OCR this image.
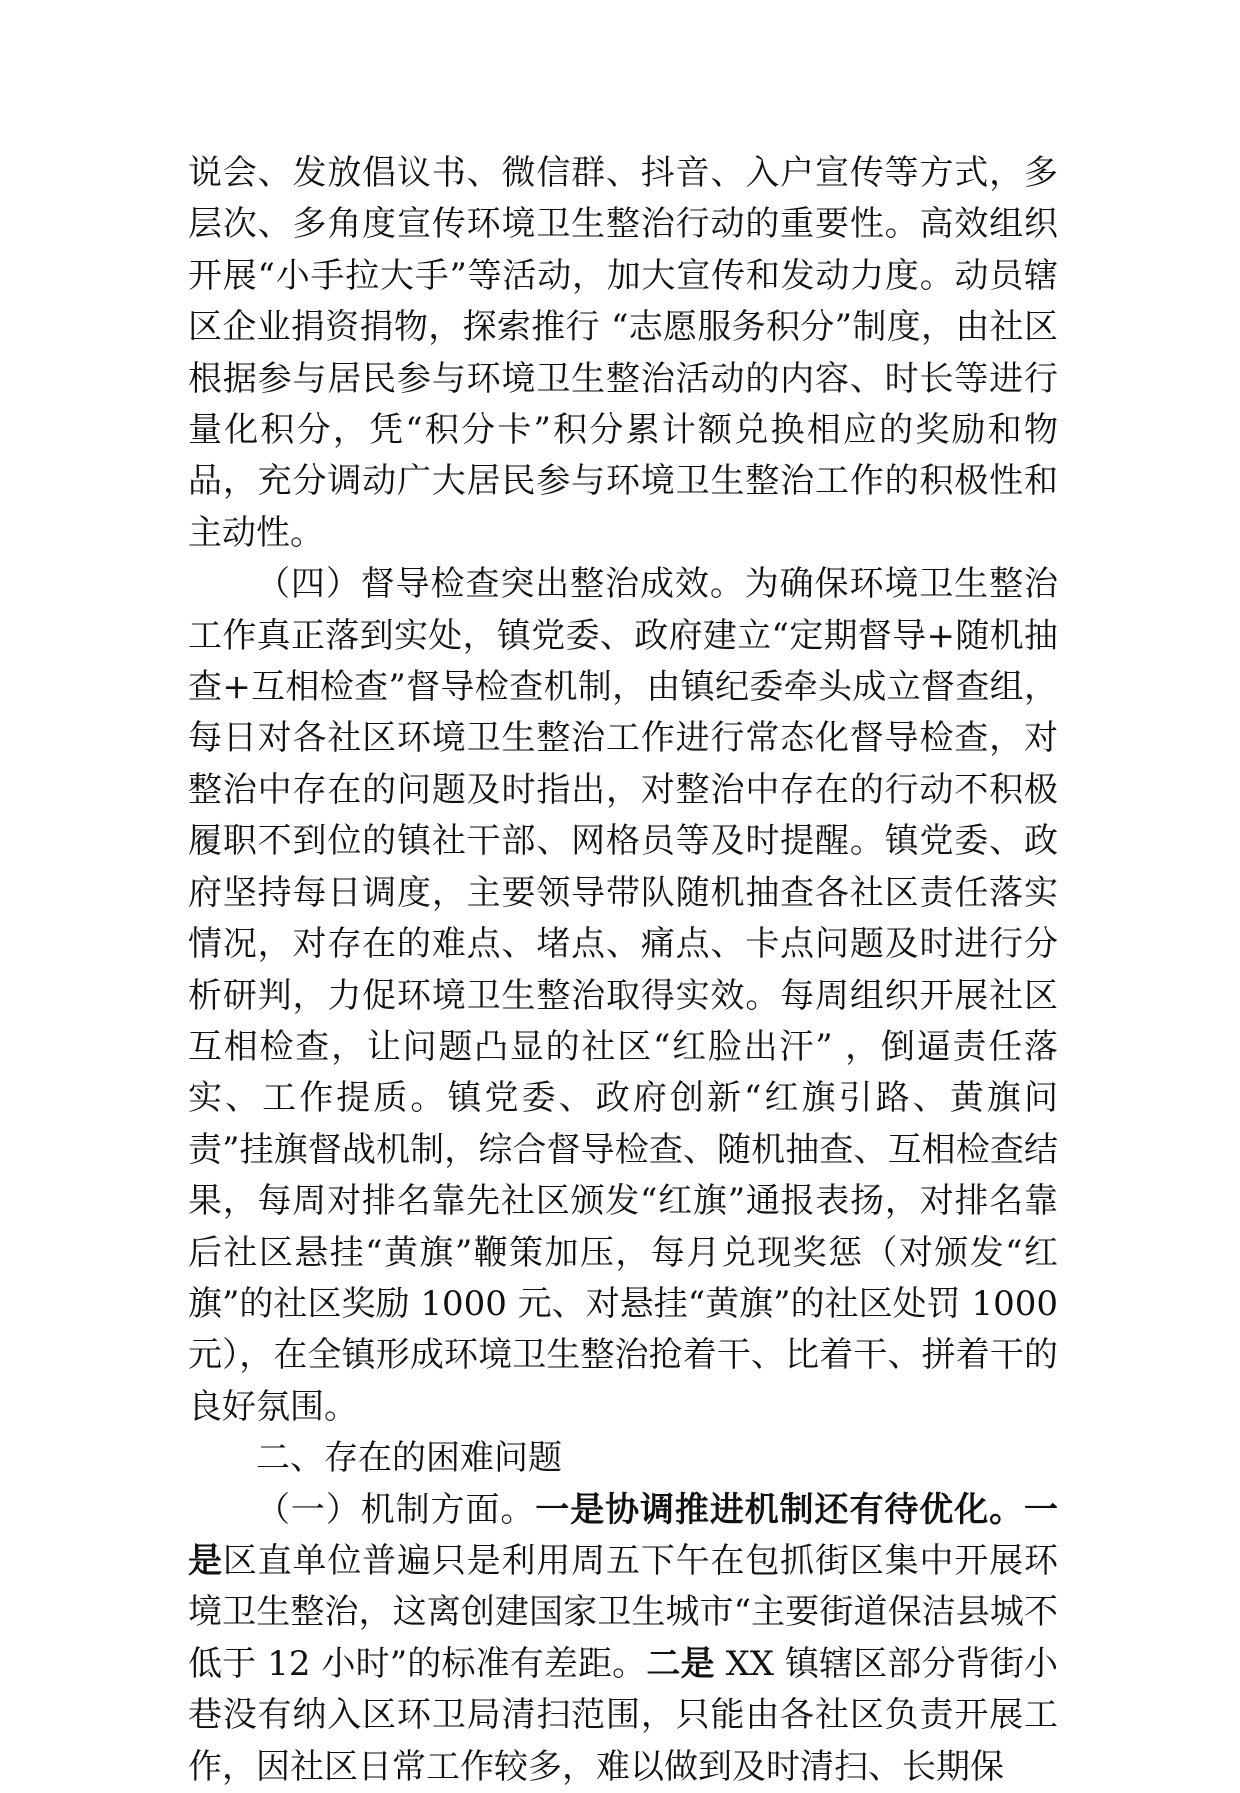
说会、发放倡议书、微信群、抖音、入户宣传等方式，多层次、多角度宣传环境卫生整治行动的重要性。高效组织开展“小手拉大手”等活动，加大宣传和发动力度。动员辖区企业捐资捐物，探索推行 “志愿服务积分”制度，由社区根据参与居民参与环境卫生整治活动的内容、时长等进行量化积分，凭“积分卡”积分累计额兑换相应的奖励和物品，充分调动广大居民参与环境卫生整治工作的积极性和主动性。

（四）督导检查突出整治成效。为确保环境卫生整治工作真正落到实处，镇党委、政府建立“定期督导+随机抽查+互相检查”督导检查机制，由镇纪委牵头成立督查组，每日对各社区环境卫生整治工作进行常态化督导检查，对整治中存在的问题及时指出，对整治中存在的行动不积极履职不到位的镇社干部、网格员等及时提醒。镇党委、政府坚持每日调度，主要领导带队随机抽查各社区责任落实情况，对存在的难点、堵点、痛点、卡点问题及时进行分析研判，力促环境卫生整治取得实效。每周组织开展社区互相检查，让问题凸显的社区“红脸出汗” ，倒逼责任落实、工作提质。镇党委、政府创新“红旗引路、黄旗问责”挂旗督战机制，综合督导检查、随机抽查、互相检查结果，每周对排名靠先社区颁发“红旗”通报表扬，对排名靠后社区悬挂“黄旗”鞭策加压，每月兑现奖惩（对颁发“红旗”的社区奖励 1000 元、对悬挂“黄旗”的社区处罚 1000 元），在全镇形成环境卫生整治抢着干、比着干、拼着干的良好氛围。

二、存在的困难问题

（一）机制方面。一是协调推进机制还有待优化。一是区直单位普遍只是利用周五下午在包抓街区集中开展环境卫生整治，这离创建国家卫生城市“主要街道保洁县城不低于 12 小时”的标准有差距。二是 XX 镇辖区部分背街小巷没有纳入区环卫局清扫范围，只能由各社区负责开展工作，因社区日常工作较多，难以做到及时清扫、长期保
